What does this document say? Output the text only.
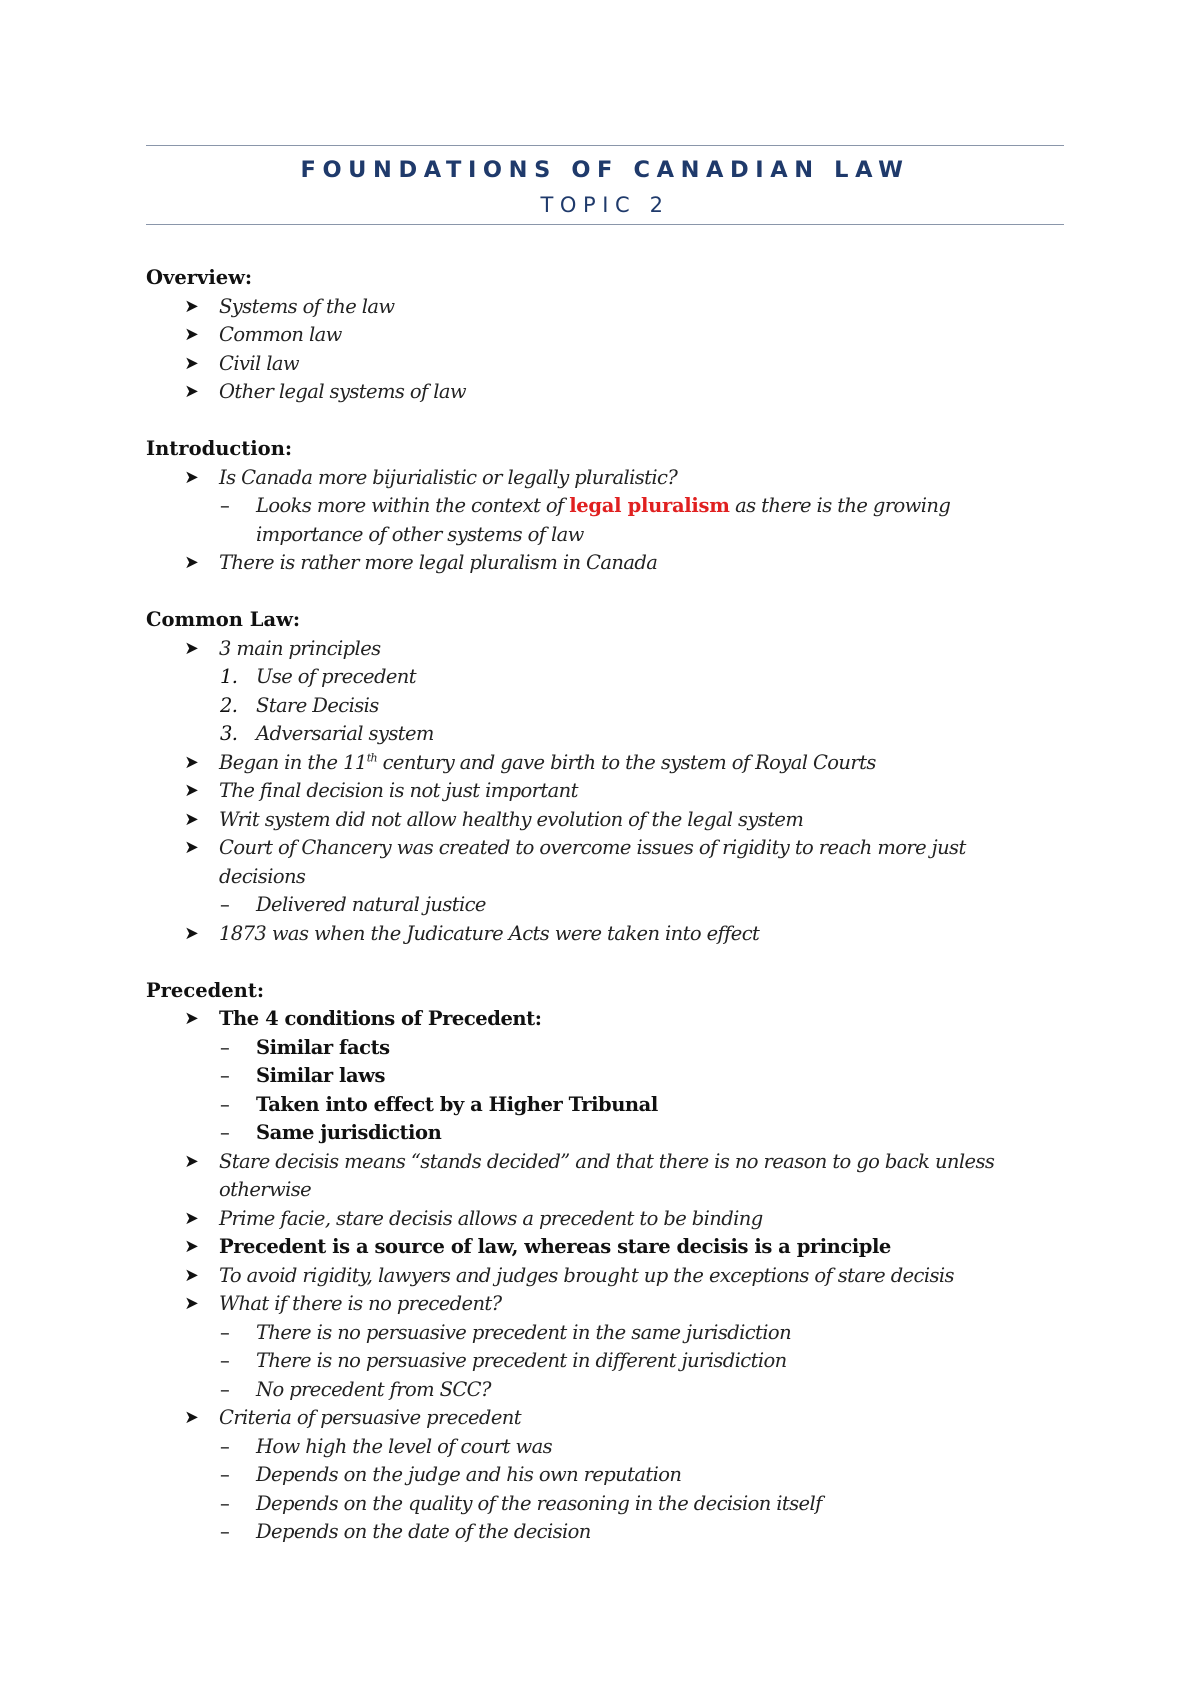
FOUNDATIONS OF CANADIAN LAW
TOPIC 2
Overview:
➤ Systems of the law
➤ Common law
➤ Civil law
➤ Other legal systems of law
Introduction:
➤ Is Canada more bijurialistic or legally pluralistic?
– Looks more within the context of legal pluralism as there is the growing
importance of other systems of law
➤ There is rather more legal pluralism in Canada
Common Law:
➤ 3 main principles
1. Use of precedent
2. Stare Decisis
3. Adversarial system
➤ Began in the 11th century and gave birth to the system of Royal Courts
➤ The final decision is not just important
➤ Writ system did not allow healthy evolution of the legal system
➤ Court of Chancery was created to overcome issues of rigidity to reach more just
decisions
– Delivered natural justice
➤ 1873 was when the Judicature Acts were taken into effect
Precedent:
➤ The 4 conditions of Precedent:
– Similar facts
– Similar laws
– Taken into effect by a Higher Tribunal
– Same jurisdiction
➤ Stare decisis means “stands decided” and that there is no reason to go back unless
otherwise
➤ Prime facie, stare decisis allows a precedent to be binding
➤ Precedent is a source of law, whereas stare decisis is a principle
➤ To avoid rigidity, lawyers and judges brought up the exceptions of stare decisis
➤ What if there is no precedent?
– There is no persuasive precedent in the same jurisdiction
– There is no persuasive precedent in different jurisdiction
– No precedent from SCC?
➤ Criteria of persuasive precedent
– How high the level of court was
– Depends on the judge and his own reputation
– Depends on the quality of the reasoning in the decision itself
– Depends on the date of the decision
